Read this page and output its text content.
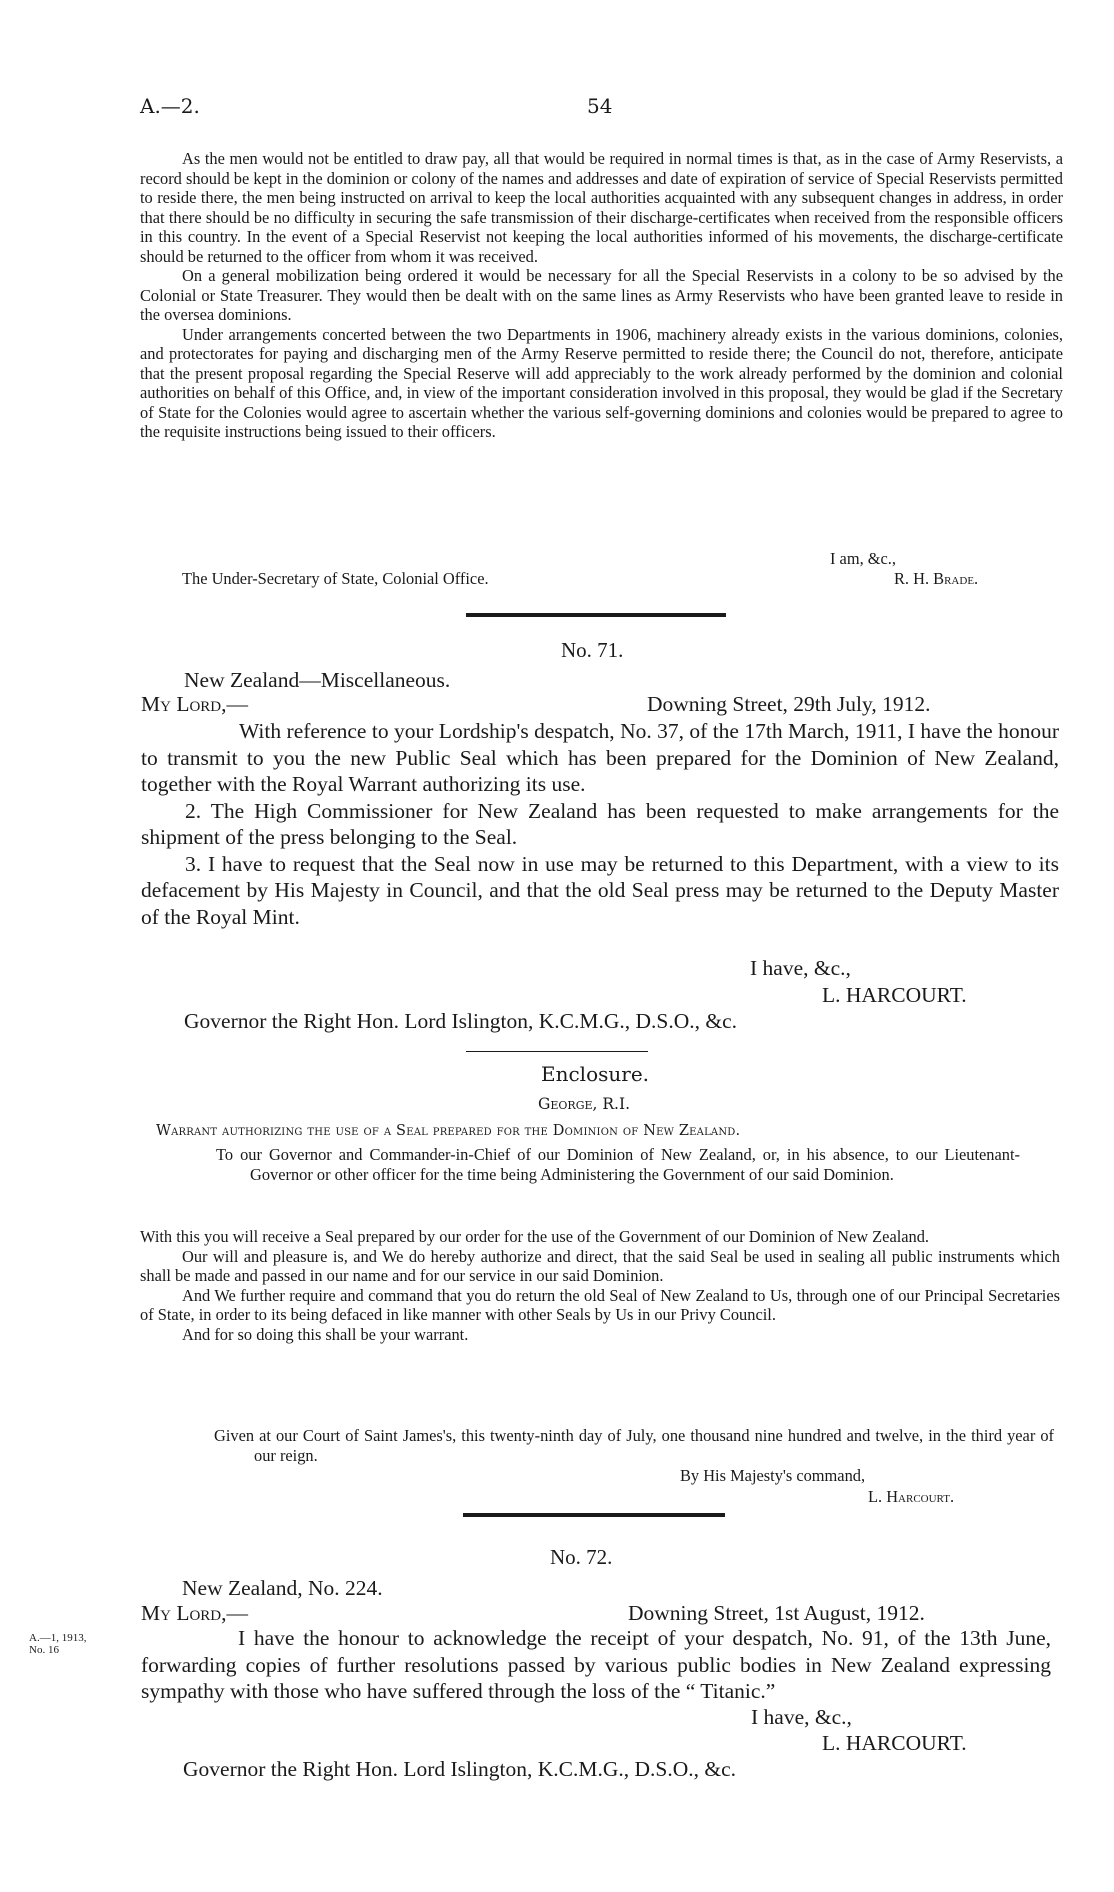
A.—2.	54

As the men would not be entitled to draw pay, all that would be required in normal times is that, as in the case of Army Reservists, a record should be kept in the dominion or colony of the names and addresses and date of expiration of service of Special Reservists permitted to reside there, the men being instructed on arrival to keep the local authorities acquainted with any subsequent changes in address, in order that there should be no difficulty in securing the safe transmission of their discharge-certificates when received from the responsible officers in this country. In the event of a Special Reservist not keeping the local authorities informed of his movements, the discharge-certificate should be returned to the officer from whom it was received.

On a general mobilization being ordered it would be necessary for all the Special Reservists in a colony to be so advised by the Colonial or State Treasurer. They would then be dealt with on the same lines as Army Reservists who have been granted leave to reside in the oversea dominions.

Under arrangements concerted between the two Departments in 1906, machinery already exists in the various dominions, colonies, and protectorates for paying and discharging men of the Army Reserve permitted to reside there; the Council do not, therefore, anticipate that the present proposal regarding the Special Reserve will add appreciably to the work already performed by the dominion and colonial authorities on behalf of this Office, and, in view of the important consideration involved in this proposal, they would be glad if the Secretary of State for the Colonies would agree to ascertain whether the various self-governing dominions and colonies would be prepared to agree to the requisite instructions being issued to their officers.

I am, &c.,
The Under-Secretary of State, Colonial Office.	R. H. Brade.
No. 71.
New Zealand—Miscellaneous.
My Lord,—	Downing Street, 29th July, 1912.

With reference to your Lordship's despatch, No. 37, of the 17th March, 1911, I have the honour to transmit to you the new Public Seal which has been prepared for the Dominion of New Zealand, together with the Royal Warrant authorizing its use.

2. The High Commissioner for New Zealand has been requested to make arrangements for the shipment of the press belonging to the Seal.

3. I have to request that the Seal now in use may be returned to this Department, with a view to its defacement by His Majesty in Council, and that the old Seal press may be returned to the Deputy Master of the Royal Mint.

I have, &c.,
L. HARCOURT.
Governor the Right Hon. Lord Islington, K.C.M.G., D.S.O., &c.
Enclosure.
George, R.I.
Warrant authorizing the use of a Seal prepared for the Dominion of New Zealand.
To our Governor and Commander-in-Chief of our Dominion of New Zealand, or, in his absence, to our Lieutenant-Governor or other officer for the time being Administering the Government of our said Dominion.

With this you will receive a Seal prepared by our order for the use of the Government of our Dominion of New Zealand.

Our will and pleasure is, and We do hereby authorize and direct, that the said Seal be used in sealing all public instruments which shall be made and passed in our name and for our service in our said Dominion.

And We further require and command that you do return the old Seal of New Zealand to Us, through one of our Principal Secretaries of State, in order to its being defaced in like manner with other Seals by Us in our Privy Council.

And for so doing this shall be your warrant.

Given at our Court of Saint James's, this twenty-ninth day of July, one thousand nine hundred and twelve, in the third year of our reign.
By His Majesty's command,
L. Harcourt.
No. 72.
New Zealand, No. 224.
My Lord,—	Downing Street, 1st August, 1912.
A.—1, 1913,
No. 16	I have the honour to acknowledge the receipt of your despatch, No. 91, of the 13th June, forwarding copies of further resolutions passed by various public bodies in New Zealand expressing sympathy with those who have suffered through the loss of the “ Titanic.”

I have, &c.,
L. HARCOURT.
Governor the Right Hon. Lord Islington, K.C.M.G., D.S.O., &c.
